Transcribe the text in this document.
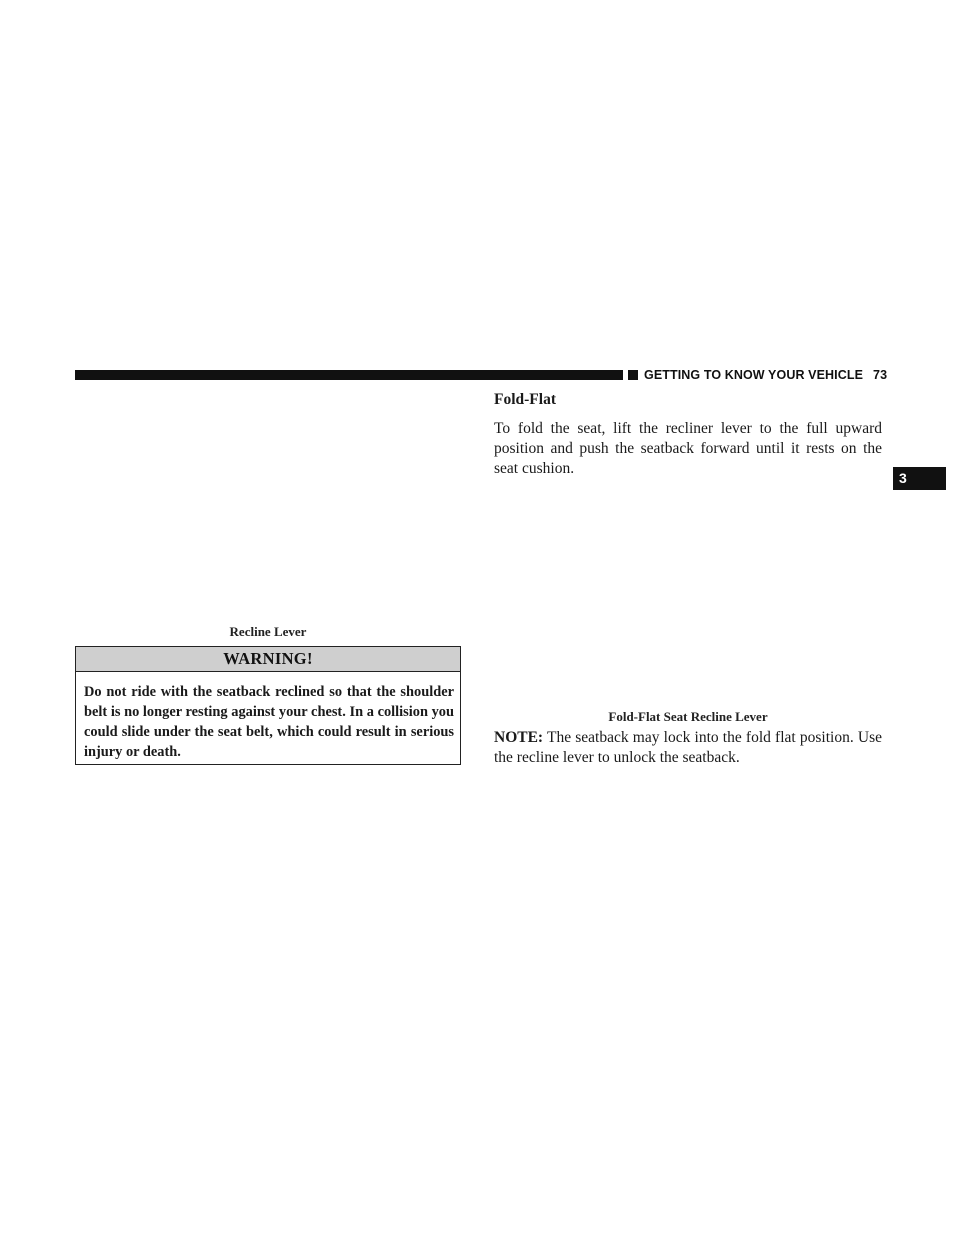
GETTING TO KNOW YOUR VEHICLE 73
3
Recline Lever
WARNING!
Do not ride with the seatback reclined so that the shoulder belt is no longer resting against your chest. In a collision you could slide under the seat belt, which could result in serious injury or death.
Fold-Flat
To fold the seat, lift the recliner lever to the full upward position and push the seatback forward until it rests on the seat cushion.
Fold-Flat Seat Recline Lever
NOTE: The seatback may lock into the fold flat position. Use the recline lever to unlock the seatback.
